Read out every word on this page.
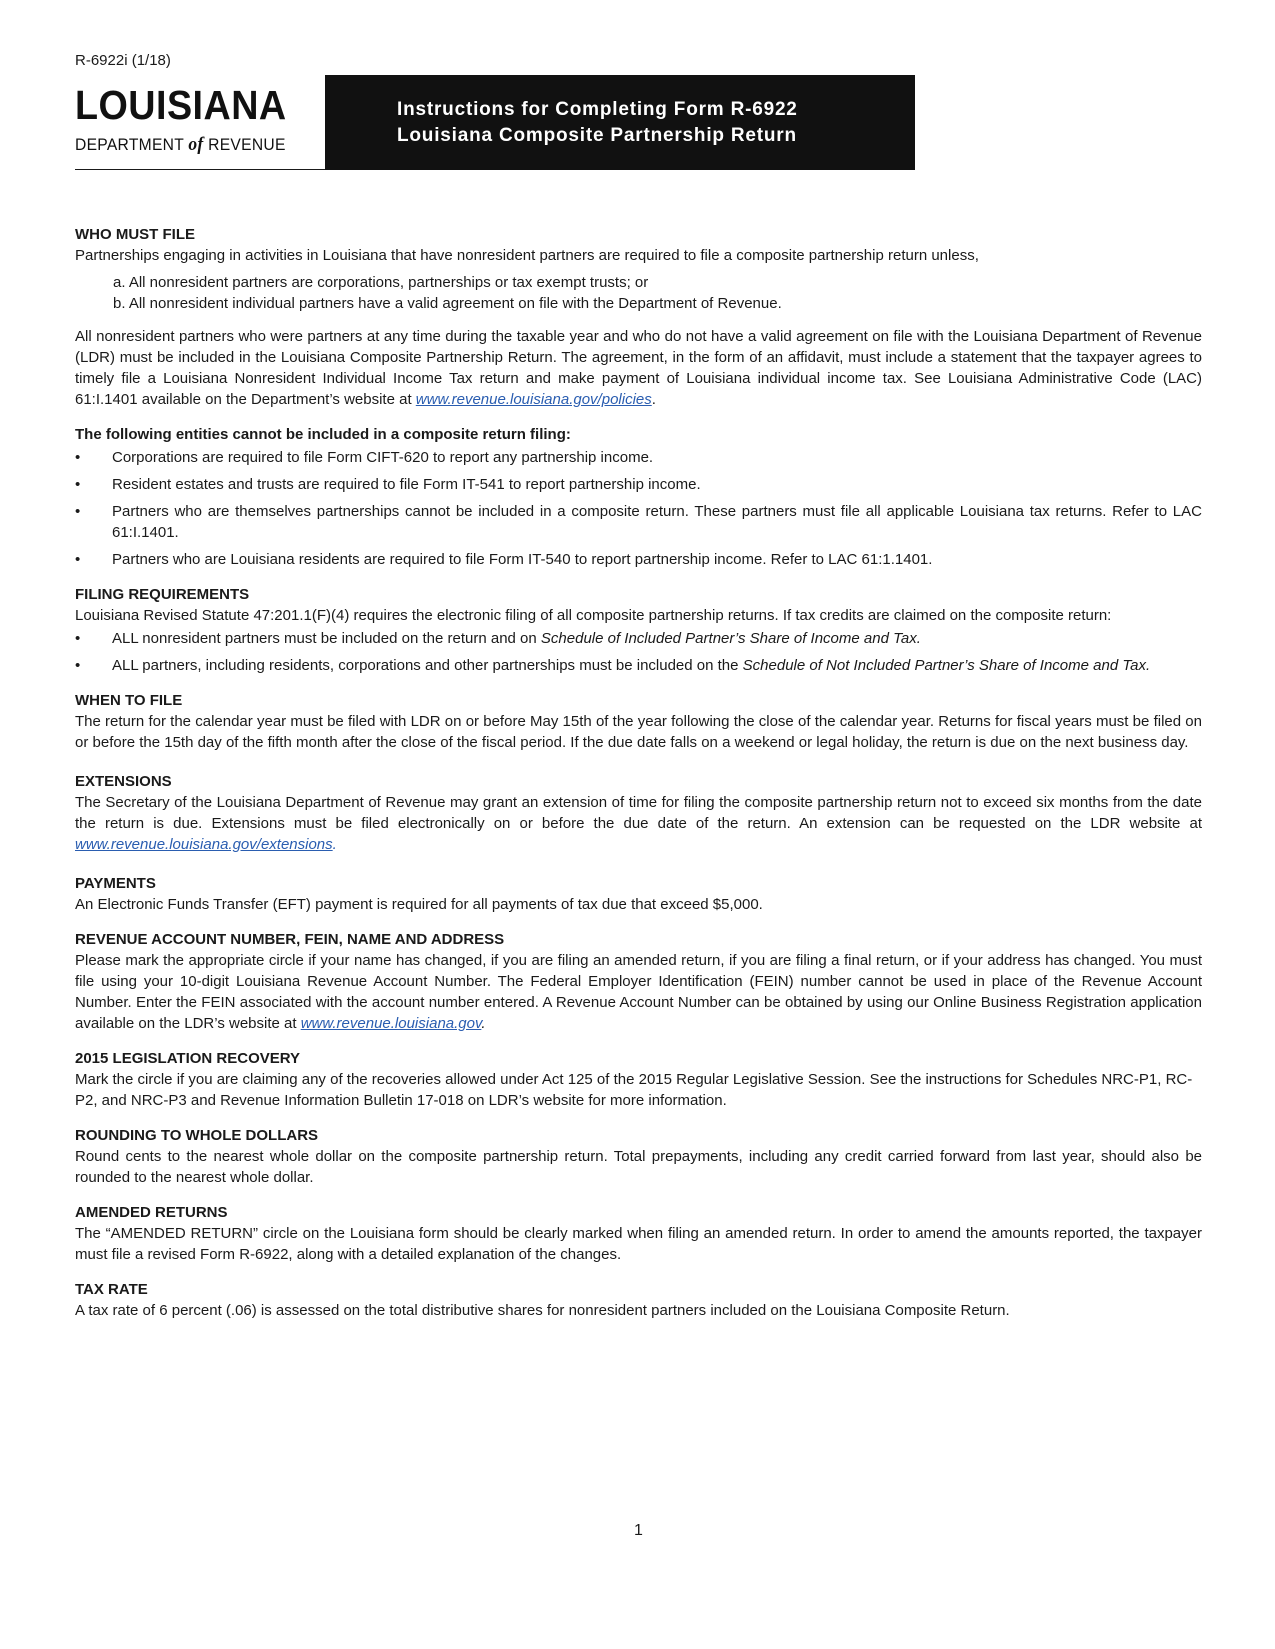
R-6922i (1/18)
LOUISIANA
DEPARTMENT of REVENUE
Instructions for Completing Form R-6922
Louisiana Composite Partnership Return
WHO MUST FILE

Partnerships engaging in activities in Louisiana that have nonresident partners are required to file a composite partnership return unless,

a. All nonresident partners are corporations, partnerships or tax exempt trusts; or
b. All nonresident individual partners have a valid agreement on file with the Department of Revenue.

All nonresident partners who were partners at any time during the taxable year and who do not have a valid agreement on file with the Louisiana Department of Revenue (LDR) must be included in the Louisiana Composite Partnership Return. The agreement, in the form of an affidavit, must include a statement that the taxpayer agrees to timely file a Louisiana Nonresident Individual Income Tax return and make payment of Louisiana individual income tax. See Louisiana Administrative Code (LAC) 61:I.1401 available on the Department’s website at www.revenue.louisiana.gov/policies.

The following entities cannot be included in a composite return filing:
• Corporations are required to file Form CIFT-620 to report any partnership income.
• Resident estates and trusts are required to file Form IT-541 to report partnership income.
• Partners who are themselves partnerships cannot be included in a composite return. These partners must file all applicable Louisiana tax returns. Refer to LAC 61:I.1401.
• Partners who are Louisiana residents are required to file Form IT-540 to report partnership income. Refer to LAC 61:1.1401.
FILING REQUIREMENTS

Louisiana Revised Statute 47:201.1(F)(4) requires the electronic filing of all composite partnership returns. If tax credits are claimed on the composite return:

• ALL nonresident partners must be included on the return and on Schedule of Included Partner’s Share of Income and Tax.
• ALL partners, including residents, corporations and other partnerships must be included on the Schedule of Not Included Partner’s Share of Income and Tax.
WHEN TO FILE

The return for the calendar year must be filed with LDR on or before May 15th of the year following the close of the calendar year. Returns for fiscal years must be filed on or before the 15th day of the fifth month after the close of the fiscal period. If the due date falls on a weekend or legal holiday, the return is due on the next business day.

EXTENSIONS

The Secretary of the Louisiana Department of Revenue may grant an extension of time for filing the composite partnership return not to exceed six months from the date the return is due. Extensions must be filed electronically on or before the due date of the return. An extension can be requested on the LDR website at www.revenue.louisiana.gov/extensions.

PAYMENTS

An Electronic Funds Transfer (EFT) payment is required for all payments of tax due that exceed $5,000.

REVENUE ACCOUNT NUMBER, FEIN, NAME AND ADDRESS

Please mark the appropriate circle if your name has changed, if you are filing an amended return, if you are filing a final return, or if your address has changed. You must file using your 10-digit Louisiana Revenue Account Number. The Federal Employer Identification (FEIN) number cannot be used in place of the Revenue Account Number. Enter the FEIN associated with the account number entered. A Revenue Account Number can be obtained by using our Online Business Registration application available on the LDR’s website at www.revenue.louisiana.gov.

2015 LEGISLATION RECOVERY

Mark the circle if you are claiming any of the recoveries allowed under Act 125 of the 2015 Regular Legislative Session. See the instructions for Schedules NRC-P1, RC-P2, and NRC-P3 and Revenue Information Bulletin 17-018 on LDR’s website for more information.

ROUNDING TO WHOLE DOLLARS

Round cents to the nearest whole dollar on the composite partnership return. Total prepayments, including any credit carried forward from last year, should also be rounded to the nearest whole dollar.

AMENDED RETURNS

The “AMENDED RETURN” circle on the Louisiana form should be clearly marked when filing an amended return. In order to amend the amounts reported, the taxpayer must file a revised Form R-6922, along with a detailed explanation of the changes.

TAX RATE

A tax rate of 6 percent (.06) is assessed on the total distributive shares for nonresident partners included on the Louisiana Composite Return.

1
